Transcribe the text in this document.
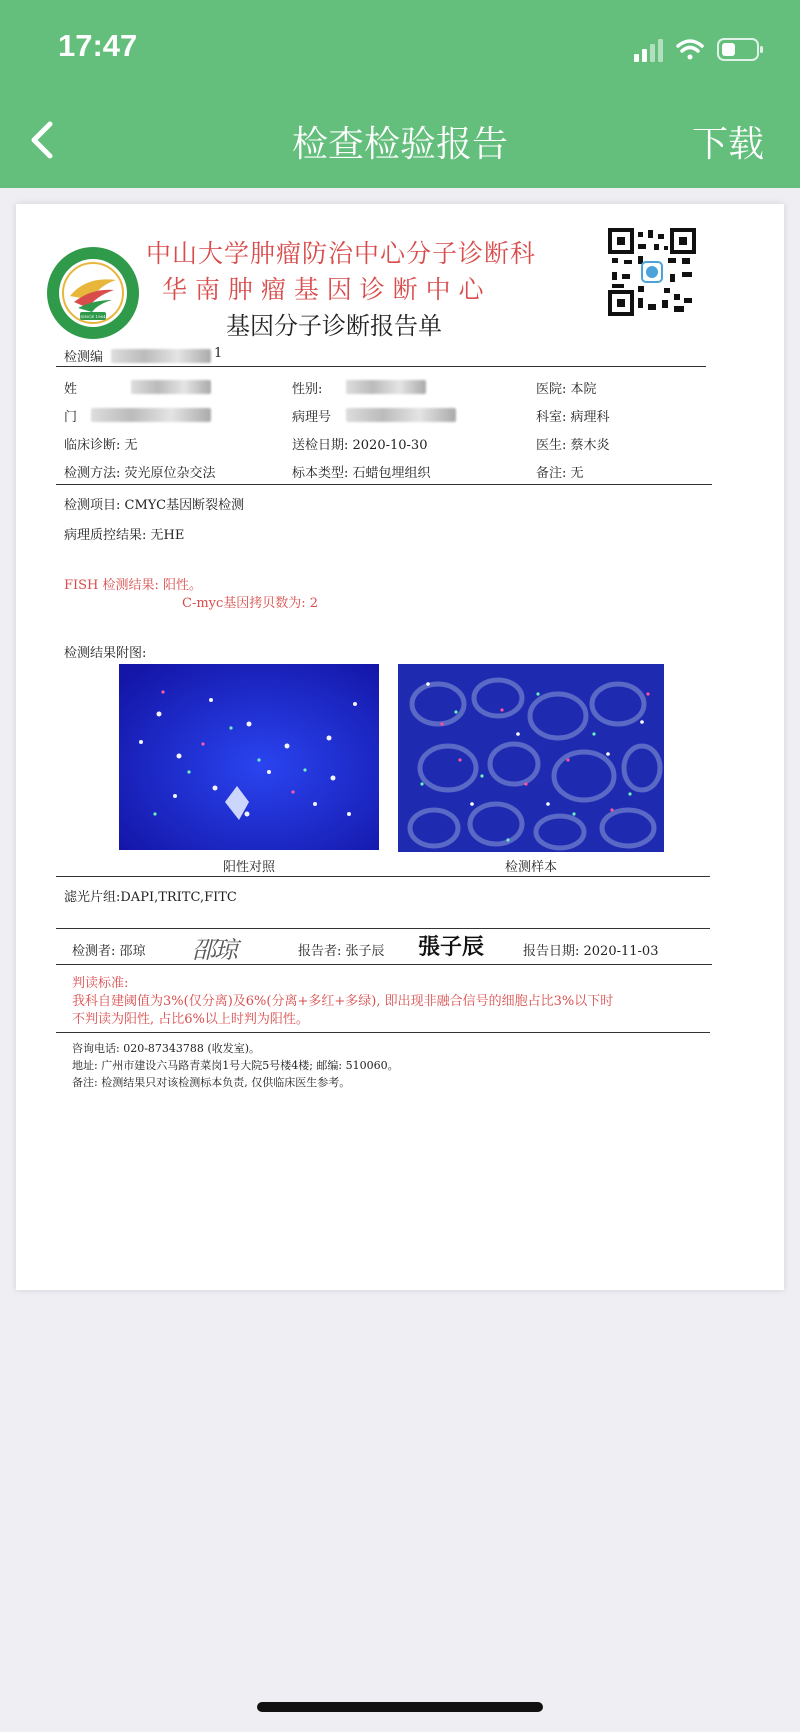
17:47
检查检验报告	下载
SINCE 1964
中山大学肿瘤防治中心分子诊断科
华 南 肿 瘤 基 因 诊 断 中 心
基因分子诊断报告单
检测编	1
姓	性别:	医院: 本院
门	病理号	科室: 病理科
临床诊断: 无	送检日期: 2020-10-30	医生: 蔡木炎
检测方法: 荧光原位杂交法	标本类型: 石蜡包埋组织	备注: 无
检测项目: CMYC基因断裂检测
病理质控结果: 无HE
FISH 检测结果: 阳性。
C-myc基因拷贝数为: 2
检测结果附图:
阳性对照	检测样本
滤光片组:DAPI,TRITC,FITC
检测者: 邵琼 邵琼	报告者: 张子辰 張子辰	报告日期: 2020-11-03
判读标准:
我科自建阈值为3%(仅分离)及6%(分离+多红+多绿), 即出现非融合信号的细胞占比3%以下时
不判读为阳性, 占比6%以上时判为阳性。
咨询电话: 020-87343788 (收发室)。
地址: 广州市建设六马路青菜岗1号大院5号楼4楼; 邮编: 510060。
备注: 检测结果只对该检测标本负责, 仅供临床医生参考。
